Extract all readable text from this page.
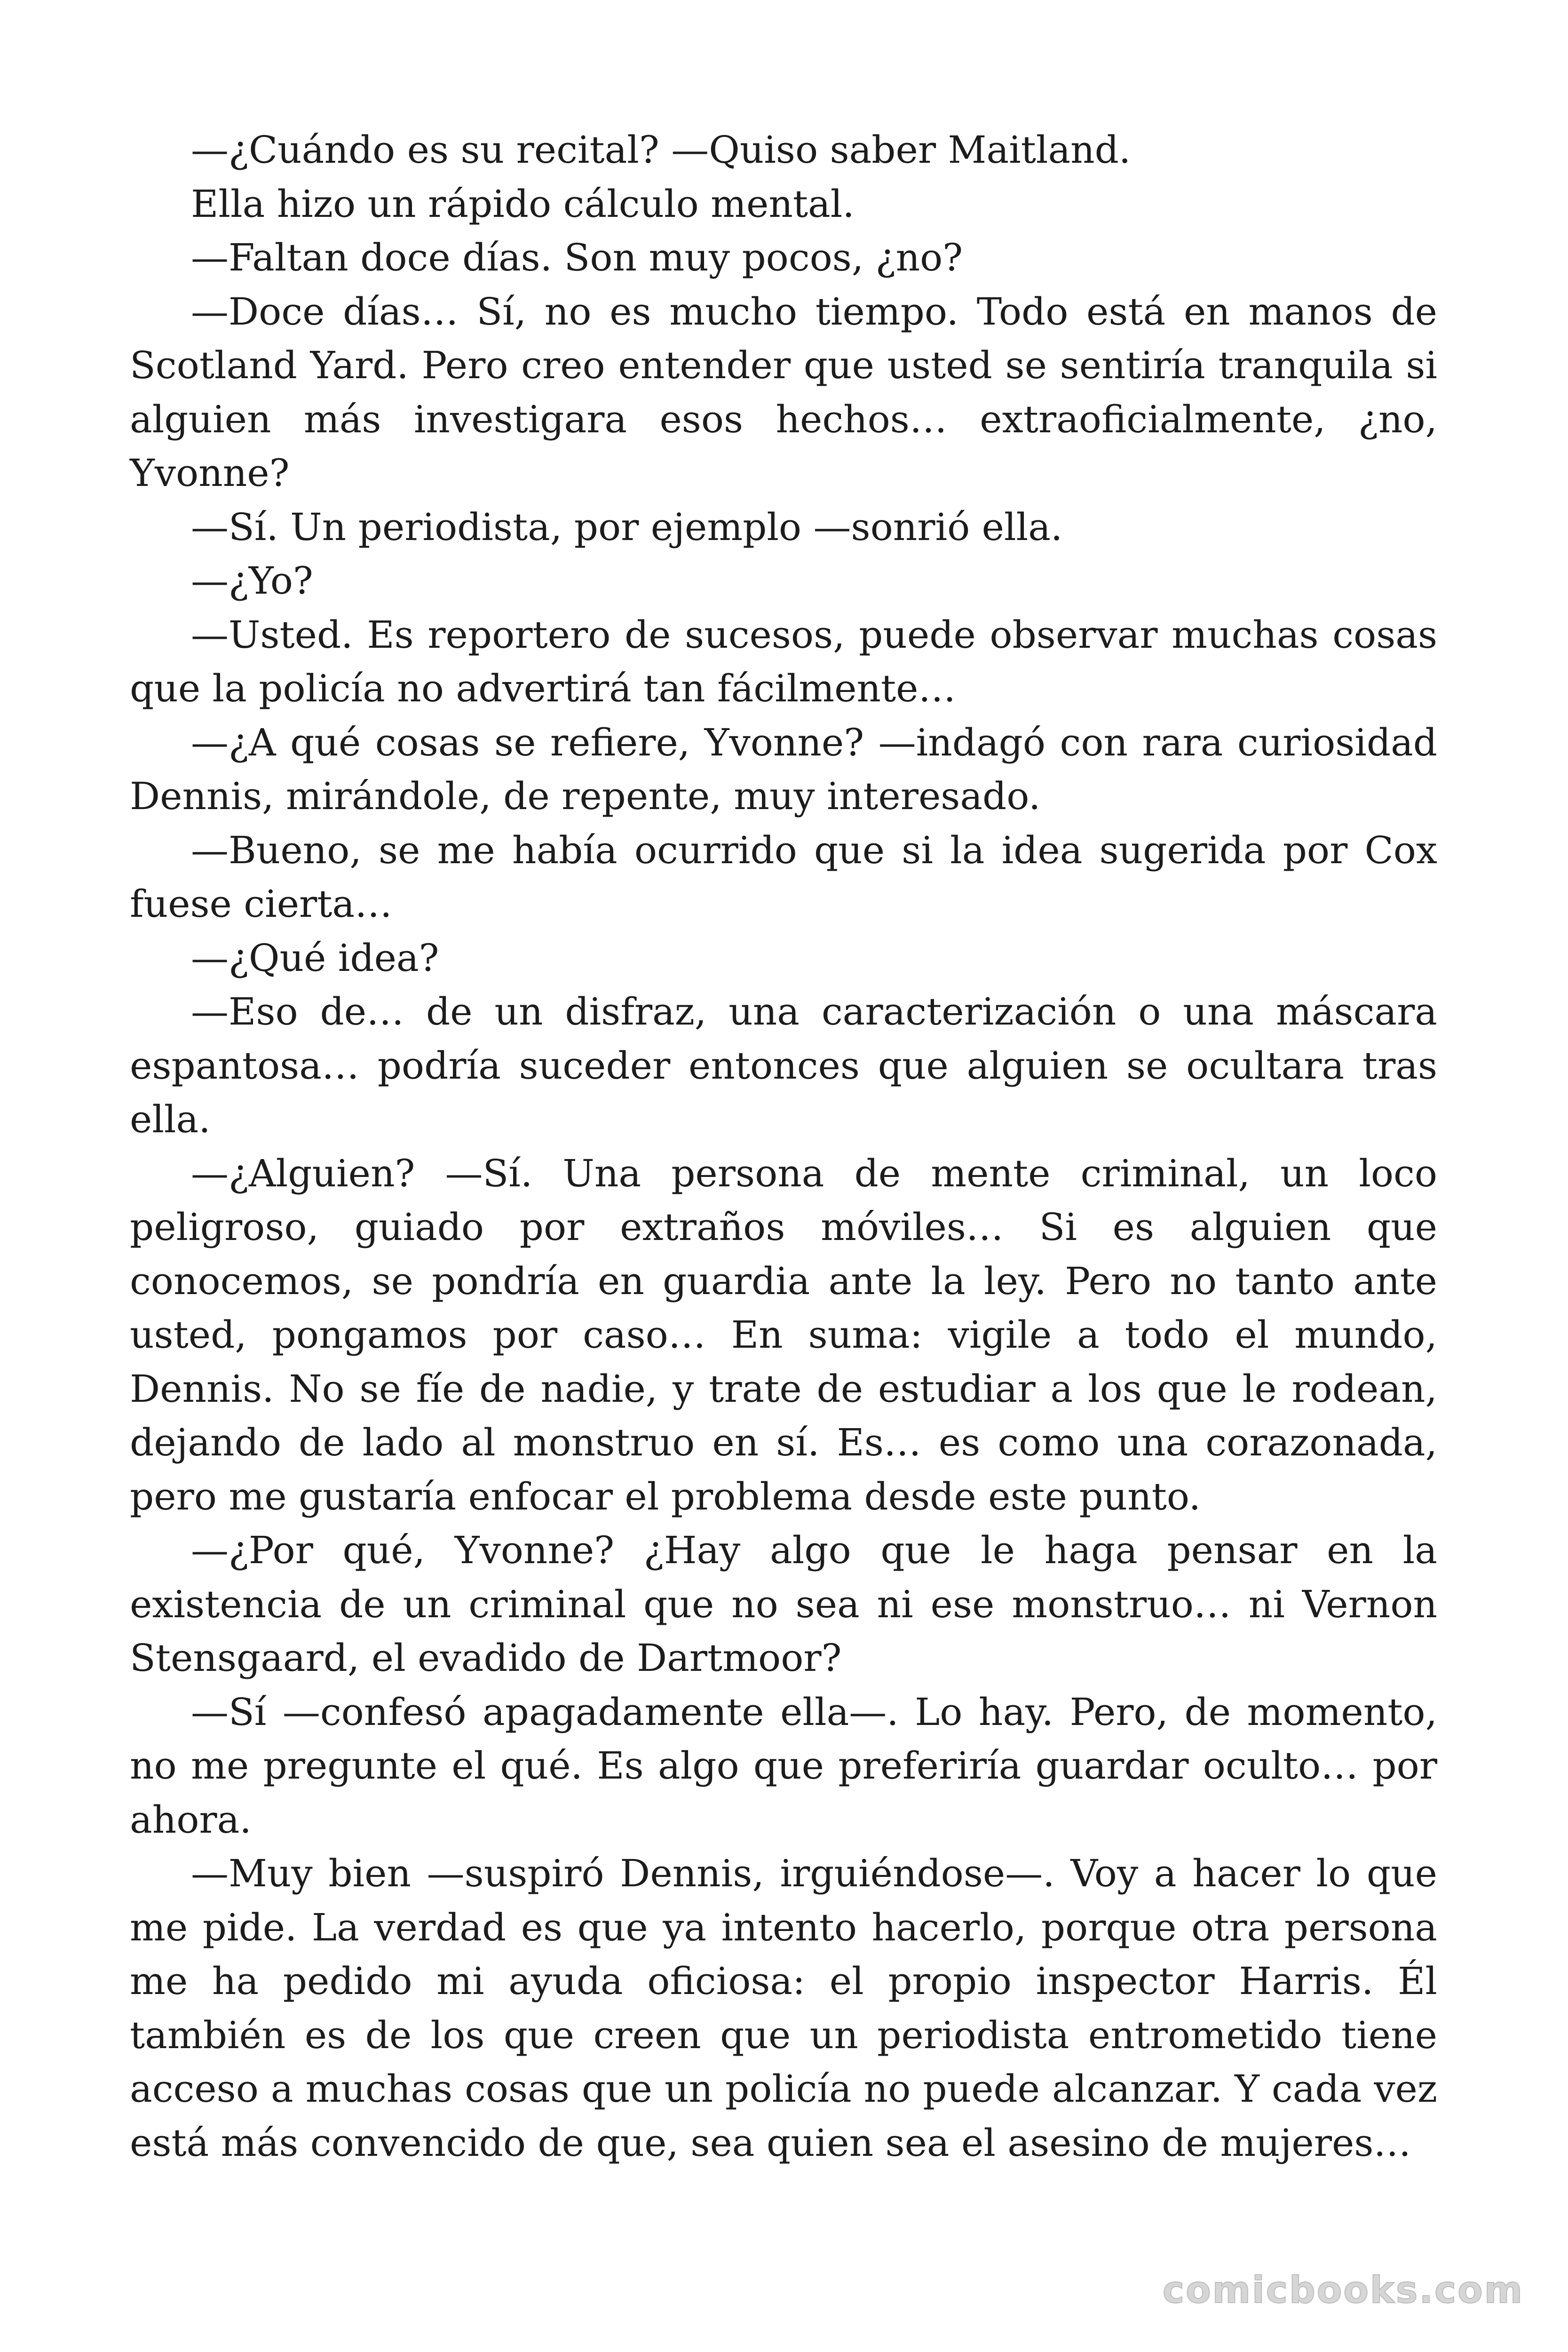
—¿Cuándo es su recital? —Quiso saber Maitland.

Ella hizo un rápido cálculo mental.

—Faltan doce días. Son muy pocos, ¿no?

—Doce días… Sí, no es mucho tiempo. Todo está en manos de Scotland Yard. Pero creo entender que usted se sentiría tranquila si alguien más investigara esos hechos… extraoficialmente, ¿no, Yvonne?

—Sí. Un periodista, por ejemplo —sonrió ella.

—¿Yo?

—Usted. Es reportero de sucesos, puede observar muchas cosas que la policía no advertirá tan fácilmente…

—¿A qué cosas se refiere, Yvonne? —indagó con rara curiosidad Dennis, mirándole, de repente, muy interesado.

—Bueno, se me había ocurrido que si la idea sugerida por Cox fuese cierta…

—¿Qué idea?

—Eso de… de un disfraz, una caracterización o una máscara espantosa… podría suceder entonces que alguien se ocultara tras ella.

—¿Alguien? —Sí. Una persona de mente criminal, un loco peligroso, guiado por extraños móviles… Si es alguien que conocemos, se pondría en guardia ante la ley. Pero no tanto ante usted, pongamos por caso… En suma: vigile a todo el mundo, Dennis. No se fíe de nadie, y trate de estudiar a los que le rodean, dejando de lado al monstruo en sí. Es… es como una corazonada, pero me gustaría enfocar el problema desde este punto.

—¿Por qué, Yvonne? ¿Hay algo que le haga pensar en la existencia de un criminal que no sea ni ese monstruo… ni Vernon Stensgaard, el evadido de Dartmoor?

—Sí —confesó apagadamente ella—. Lo hay. Pero, de momento, no me pregunte el qué. Es algo que preferiría guardar oculto… por ahora.

—Muy bien —suspiró Dennis, irguiéndose—. Voy a hacer lo que me pide. La verdad es que ya intento hacerlo, porque otra persona me ha pedido mi ayuda oficiosa: el propio inspector Harris. Él también es de los que creen que un periodista entrometido tiene acceso a muchas cosas que un policía no puede alcanzar. Y cada vez está más convencido de que, sea quien sea el asesino de mujeres…

comicbooks.com
